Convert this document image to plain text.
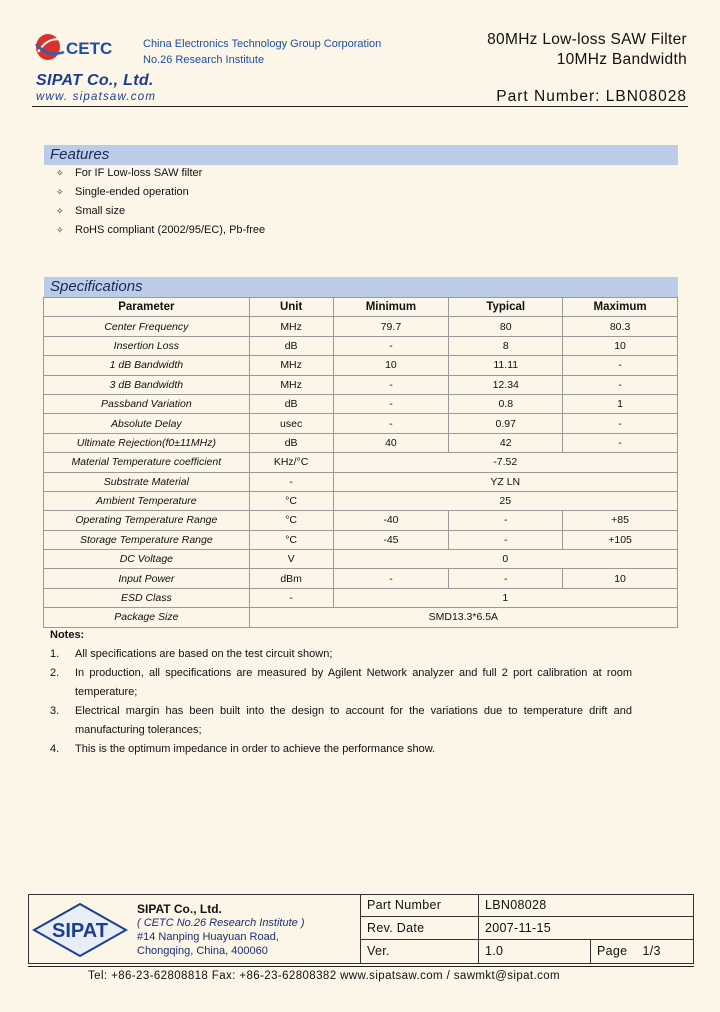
CETC	China Electronics Technology Group Corporation
No.26 Research Institute
80MHz Low-loss SAW Filter
10MHz Bandwidth
SIPAT Co., Ltd.
www. sipatsaw.com	Part Number: LBN08028
Features
✧	For IF Low-loss SAW filter
✧	Single-ended operation
✧	Small size
✧	RoHS compliant (2002/95/EC), Pb-free
Specifications
Parameter	Unit	Minimum	Typical	Maximum
Center Frequency	MHz	79.7	80	80.3
Insertion Loss	dB	-	8	10
1 dB Bandwidth	MHz	10	11.11	-
3 dB Bandwidth	MHz	-	12.34	-
Passband Variation	dB	-	0.8	1
Absolute Delay	usec	-	0.97	-
Ultimate Rejection(f0±11MHz)	dB	40	42	-
Material Temperature coefficient	KHz/°C	-7.52		
Substrate Material	-	YZ LN		
Ambient Temperature	°C	25		
Operating Temperature Range	°C	-40	-	+85
Storage Temperature Range	°C	-45	-	+105
DC Voltage	V	0		
Input Power	dBm	-	-	10
ESD Class	-	1		
Package Size	SMD13.3*6.5A			
Notes:
1.	All specifications are based on the test circuit shown;
2.	In production, all specifications are measured by Agilent Network analyzer and full 2 port calibration at room temperature;
3.	Electrical margin has been built into the design to account for the variations due to temperature drift and manufacturing tolerances;
4.	This is the optimum impedance in order to achieve the performance show.
SIPAT
SIPAT Co., Ltd.
( CETC No.26 Research Institute )
#14 Nanping Huayuan Road,
Chongqing, China, 400060
Part Number	LBN08028
Rev. Date	2007-11-15
Ver.	1.0	Page 1/3
Tel: +86-23-62808818 Fax: +86-23-62808382 www.sipatsaw.com / sawmkt@sipat.com
